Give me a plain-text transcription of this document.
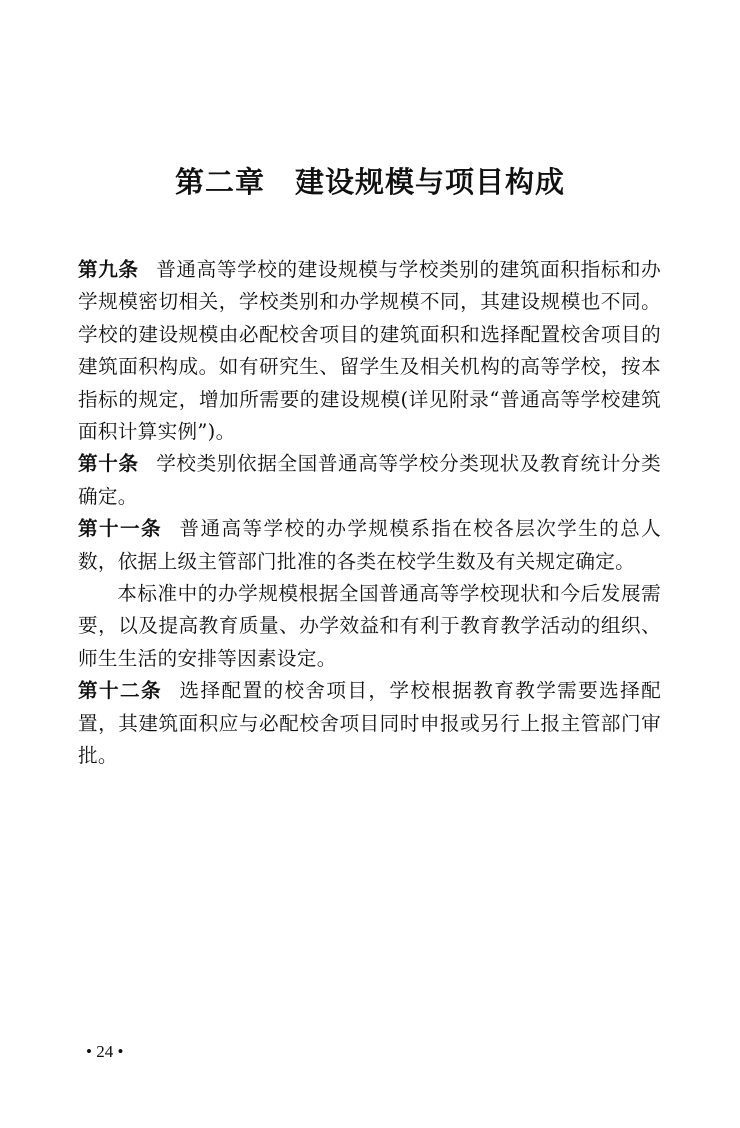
第二章　建设规模与项目构成

第九条 普通高等学校的建设规模与学校类别的建筑面积指标和办学规模密切相关，学校类别和办学规模不同，其建设规模也不同。学校的建设规模由必配校舍项目的建筑面积和选择配置校舍项目的建筑面积构成。如有研究生、留学生及相关机构的高等学校，按本指标的规定，增加所需要的建设规模(详见附录“普通高等学校建筑面积计算实例”)。

第十条 学校类别依据全国普通高等学校分类现状及教育统计分类确定。

第十一条 普通高等学校的办学规模系指在校各层次学生的总人数，依据上级主管部门批准的各类在校学生数及有关规定确定。

本标准中的办学规模根据全国普通高等学校现状和今后发展需要，以及提高教育质量、办学效益和有利于教育教学活动的组织、师生生活的安排等因素设定。

第十二条 选择配置的校舍项目，学校根据教育教学需要选择配置，其建筑面积应与必配校舍项目同时申报或另行上报主管部门审批。

• 24 •
